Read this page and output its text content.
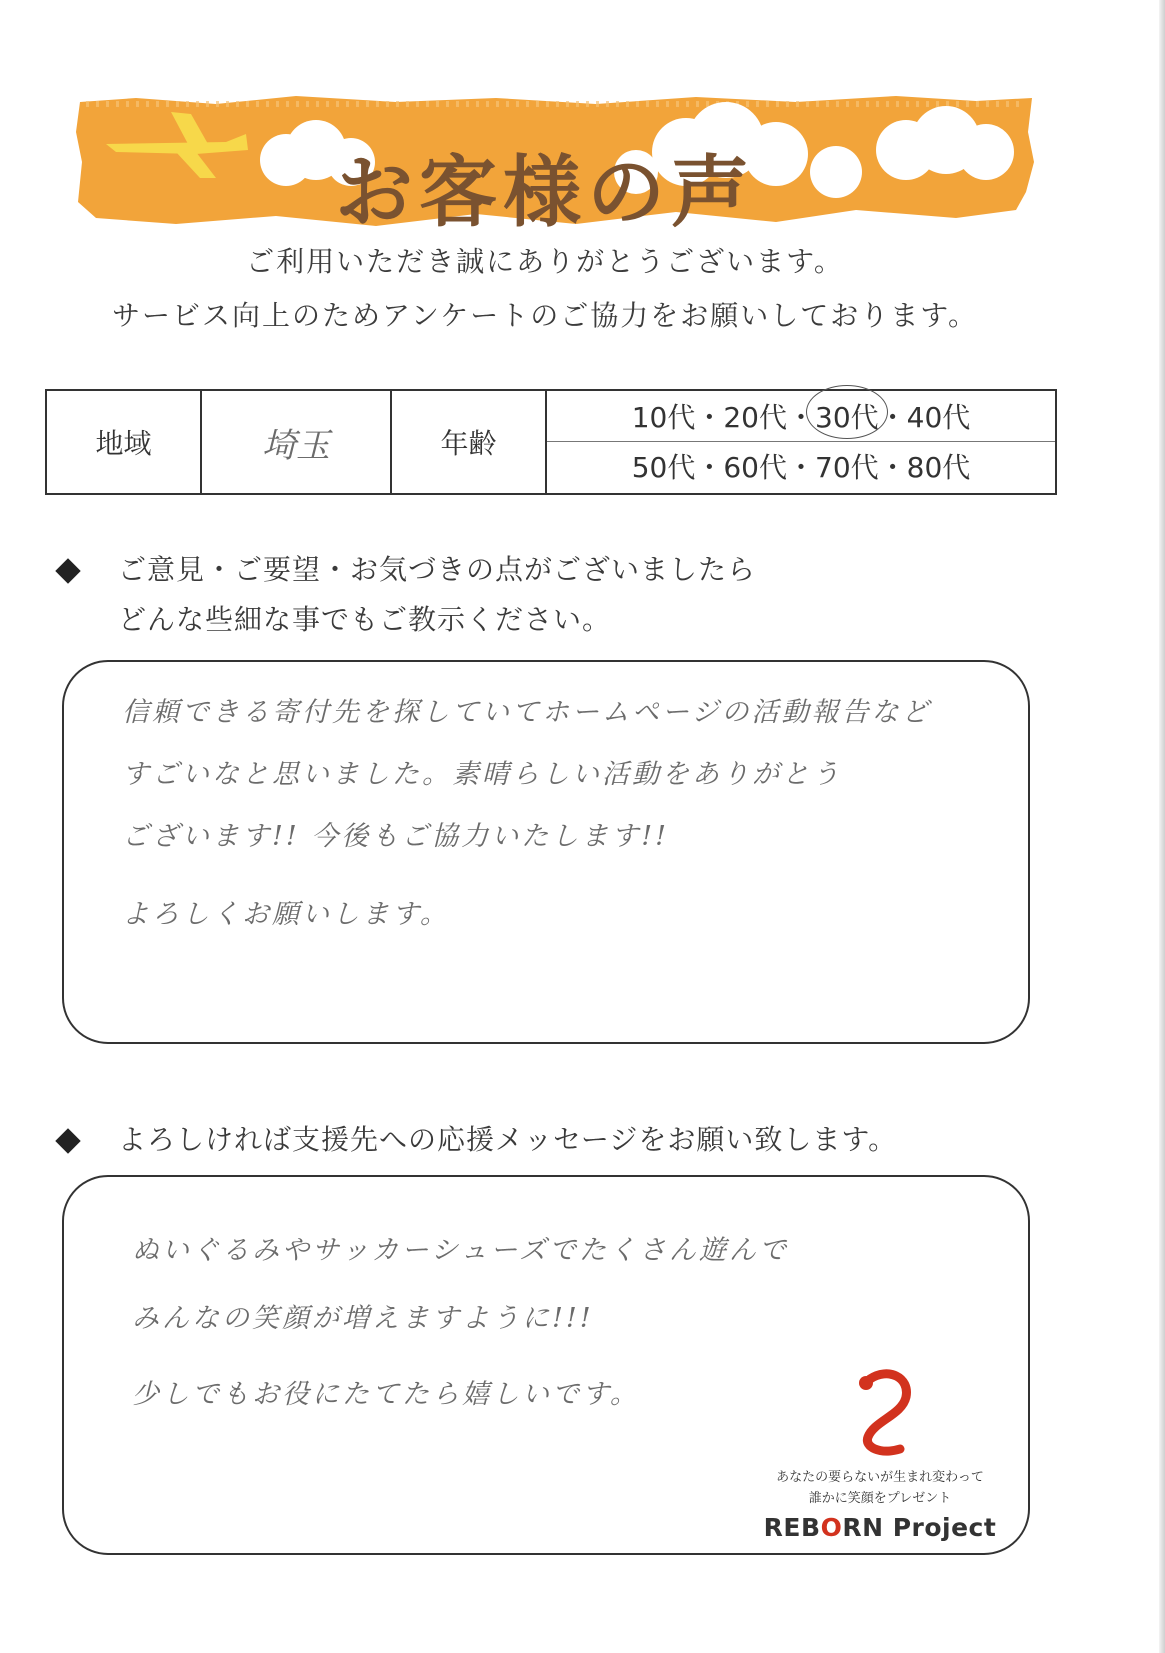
お客様の声
ご利用いただき誠にありがとうございます。
サービス向上のためアンケートのご協力をお願いしております。
地域	埼玉	年齢
10代 ・ 20代 ・ 30代 ・ 40代
50代 ・ 60代 ・ 70代 ・ 80代
ご意見・ご要望・お気づきの点がございましたら
どんな些細な事でもご教示ください。
信頼できる寄付先を探していてホームページの活動報告など
すごいなと思いました。素晴らしい活動をありがとう
ございます!! 今後もご協力いたします!!
よろしくお願いします。
よろしければ支援先への応援メッセージをお願い致します。
ぬいぐるみやサッカーシューズでたくさん遊んで
みんなの笑顔が増えますように!!!
少しでもお役にたてたら嬉しいです。
あなたの要らないが生まれ変わって
誰かに笑顔をプレゼント
REBORN Project
